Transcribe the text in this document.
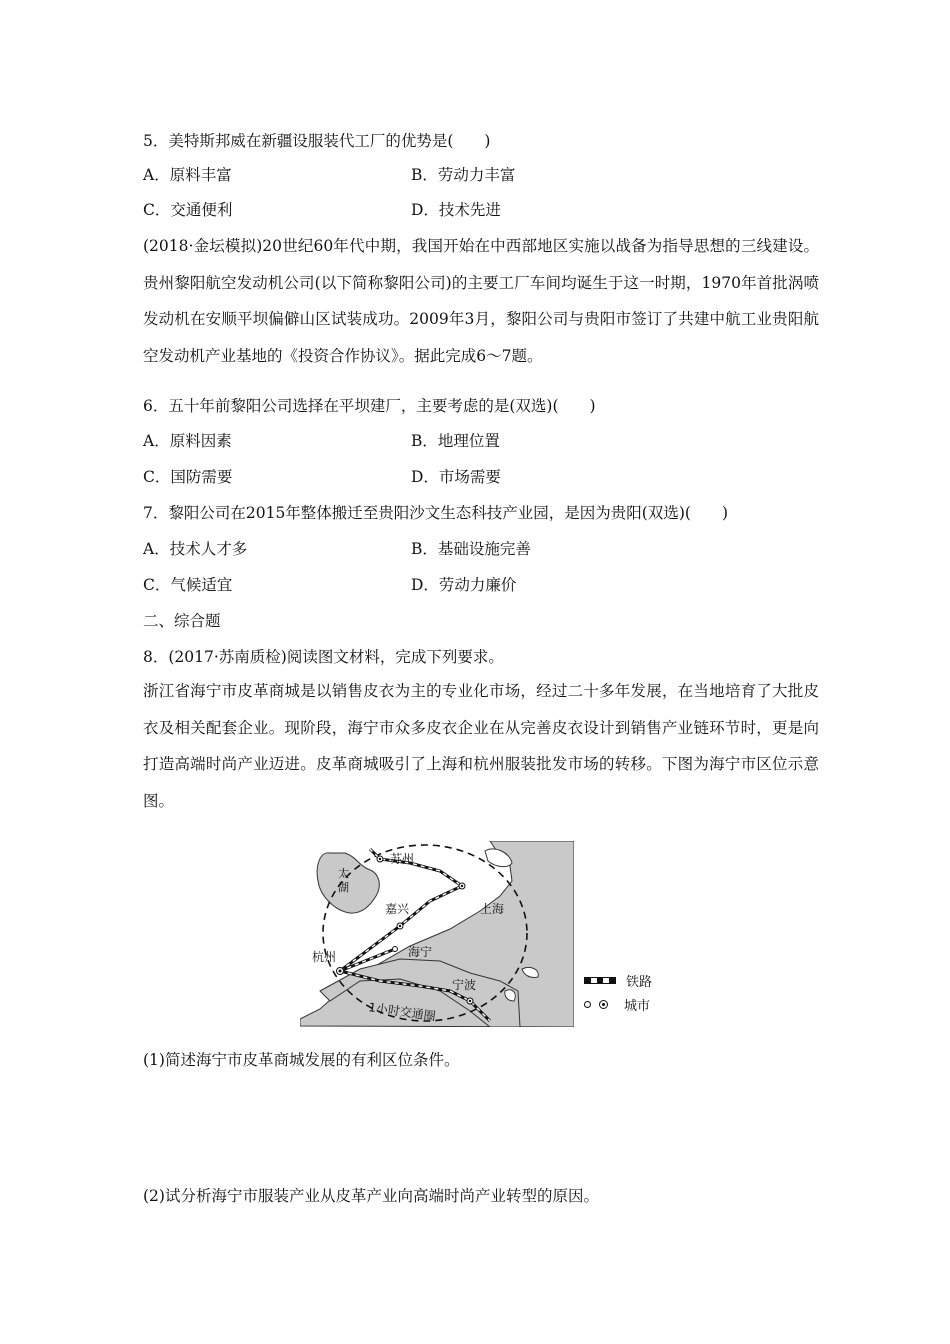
5．美特斯邦威在新疆设服装代工厂的优势是(　　)
A．原料丰富	B．劳动力丰富
C．交通便利	D．技术先进
(2018·金坛模拟)20世纪60年代中期，我国开始在中西部地区实施以战备为指导思想的三线建设。贵州黎阳航空发动机公司(以下简称黎阳公司)的主要工厂车间均诞生于这一时期，1970年首批涡喷发动机在安顺平坝偏僻山区试装成功。2009年3月，黎阳公司与贵阳市签订了共建中航工业贵阳航空发动机产业基地的《投资合作协议》。据此完成6～7题。
6．五十年前黎阳公司选择在平坝建厂，主要考虑的是(双选)(　　)
A．原料因素	B．地理位置
C．国防需要	D．市场需要
7．黎阳公司在2015年整体搬迁至贵阳沙文生态科技产业园，是因为贵阳(双选)(　　)
A．技术人才多	B．基础设施完善
C．气候适宜	D．劳动力廉价
二、综合题
8．(2017·苏南质检)阅读图文材料，完成下列要求。
浙江省海宁市皮革商城是以销售皮衣为主的专业化市场，经过二十多年发展，在当地培育了大批皮衣及相关配套企业。现阶段，海宁市众多皮衣企业在从完善皮衣设计到销售产业链环节时，更是向打造高端时尚产业迈进。皮革商城吸引了上海和杭州服装批发市场的转移。下图为海宁市区位示意图。
苏州
太
湖
上海
嘉兴
海宁
杭州
宁波
1小时交通圈
铁路
城市
(1)简述海宁市皮革商城发展的有利区位条件。
(2)试分析海宁市服装产业从皮革产业向高端时尚产业转型的原因。
